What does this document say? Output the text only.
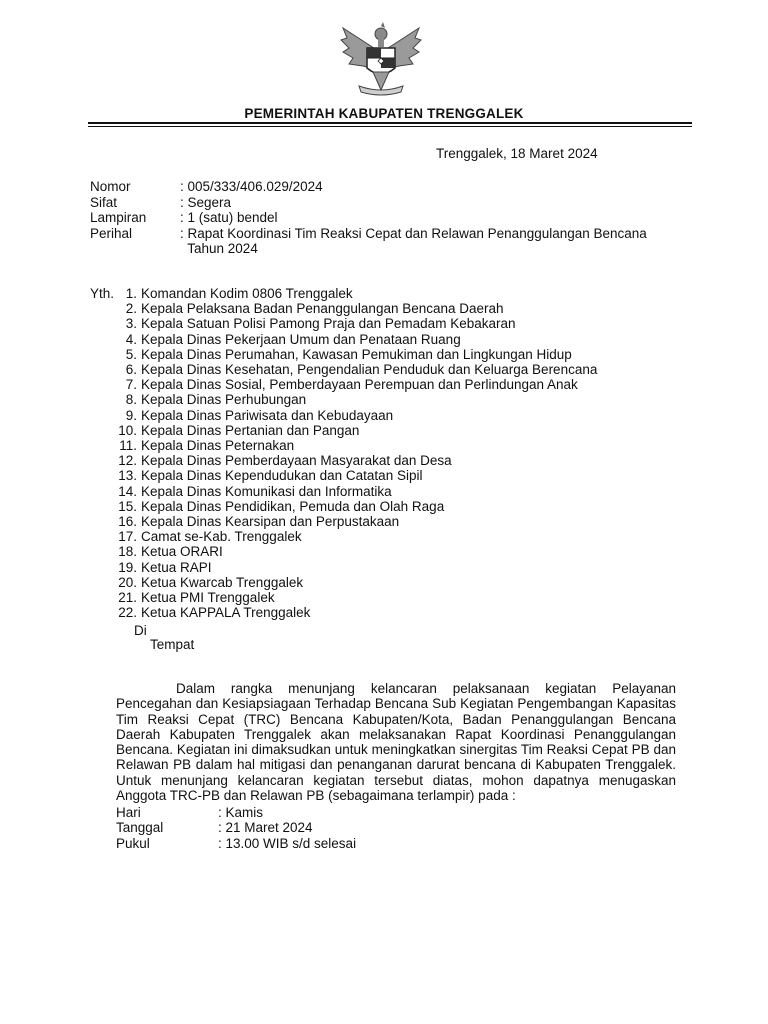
PEMERINTAH KABUPATEN TRENGGALEK
Trenggalek, 18 Maret 2024
Nomor	: 005/333/406.029/2024
Sifat	: Segera
Lampiran	: 1 (satu) bendel
Perihal	: Rapat Koordinasi Tim Reaksi Cepat dan Relawan Penanggulangan Bencana
Tahun 2024
Yth. 1. Komandan Kodim 0806 Trenggalek
2. Kepala Pelaksana Badan Penanggulangan Bencana Daerah
3. Kepala Satuan Polisi Pamong Praja dan Pemadam Kebakaran
4. Kepala Dinas Pekerjaan Umum dan Penataan Ruang
5. Kepala Dinas Perumahan, Kawasan Pemukiman dan Lingkungan Hidup
6. Kepala Dinas Kesehatan, Pengendalian Penduduk dan Keluarga Berencana
7. Kepala Dinas Sosial, Pemberdayaan Perempuan dan Perlindungan Anak
8. Kepala Dinas Perhubungan
9. Kepala Dinas Pariwisata dan Kebudayaan
10. Kepala Dinas Pertanian dan Pangan
11. Kepala Dinas Peternakan
12. Kepala Dinas Pemberdayaan Masyarakat dan Desa
13. Kepala Dinas Kependudukan dan Catatan Sipil
14. Kepala Dinas Komunikasi dan Informatika
15. Kepala Dinas Pendidikan, Pemuda dan Olah Raga
16. Kepala Dinas Kearsipan dan Perpustakaan
17. Camat se-Kab. Trenggalek
18. Ketua ORARI
19. Ketua RAPI
20. Ketua Kwarcab Trenggalek
21. Ketua PMI Trenggalek
22. Ketua KAPPALA Trenggalek
Di
Tempat
Dalam rangka menunjang kelancaran pelaksanaan kegiatan Pelayanan Pencegahan dan Kesiapsiagaan Terhadap Bencana Sub Kegiatan Pengembangan Kapasitas Tim Reaksi Cepat (TRC) Bencana Kabupaten/Kota, Badan Penanggulangan Bencana Daerah Kabupaten Trenggalek akan melaksanakan Rapat Koordinasi Penanggulangan Bencana. Kegiatan ini dimaksudkan untuk meningkatkan sinergitas Tim Reaksi Cepat PB dan Relawan PB dalam hal mitigasi dan penanganan darurat bencana di Kabupaten Trenggalek. Untuk menunjang kelancaran kegiatan tersebut diatas, mohon dapatnya menugaskan Anggota TRC-PB dan Relawan PB (sebagaimana terlampir) pada :
Hari	: Kamis
Tanggal	: 21 Maret 2024
Pukul	: 13.00 WIB s/d selesai
